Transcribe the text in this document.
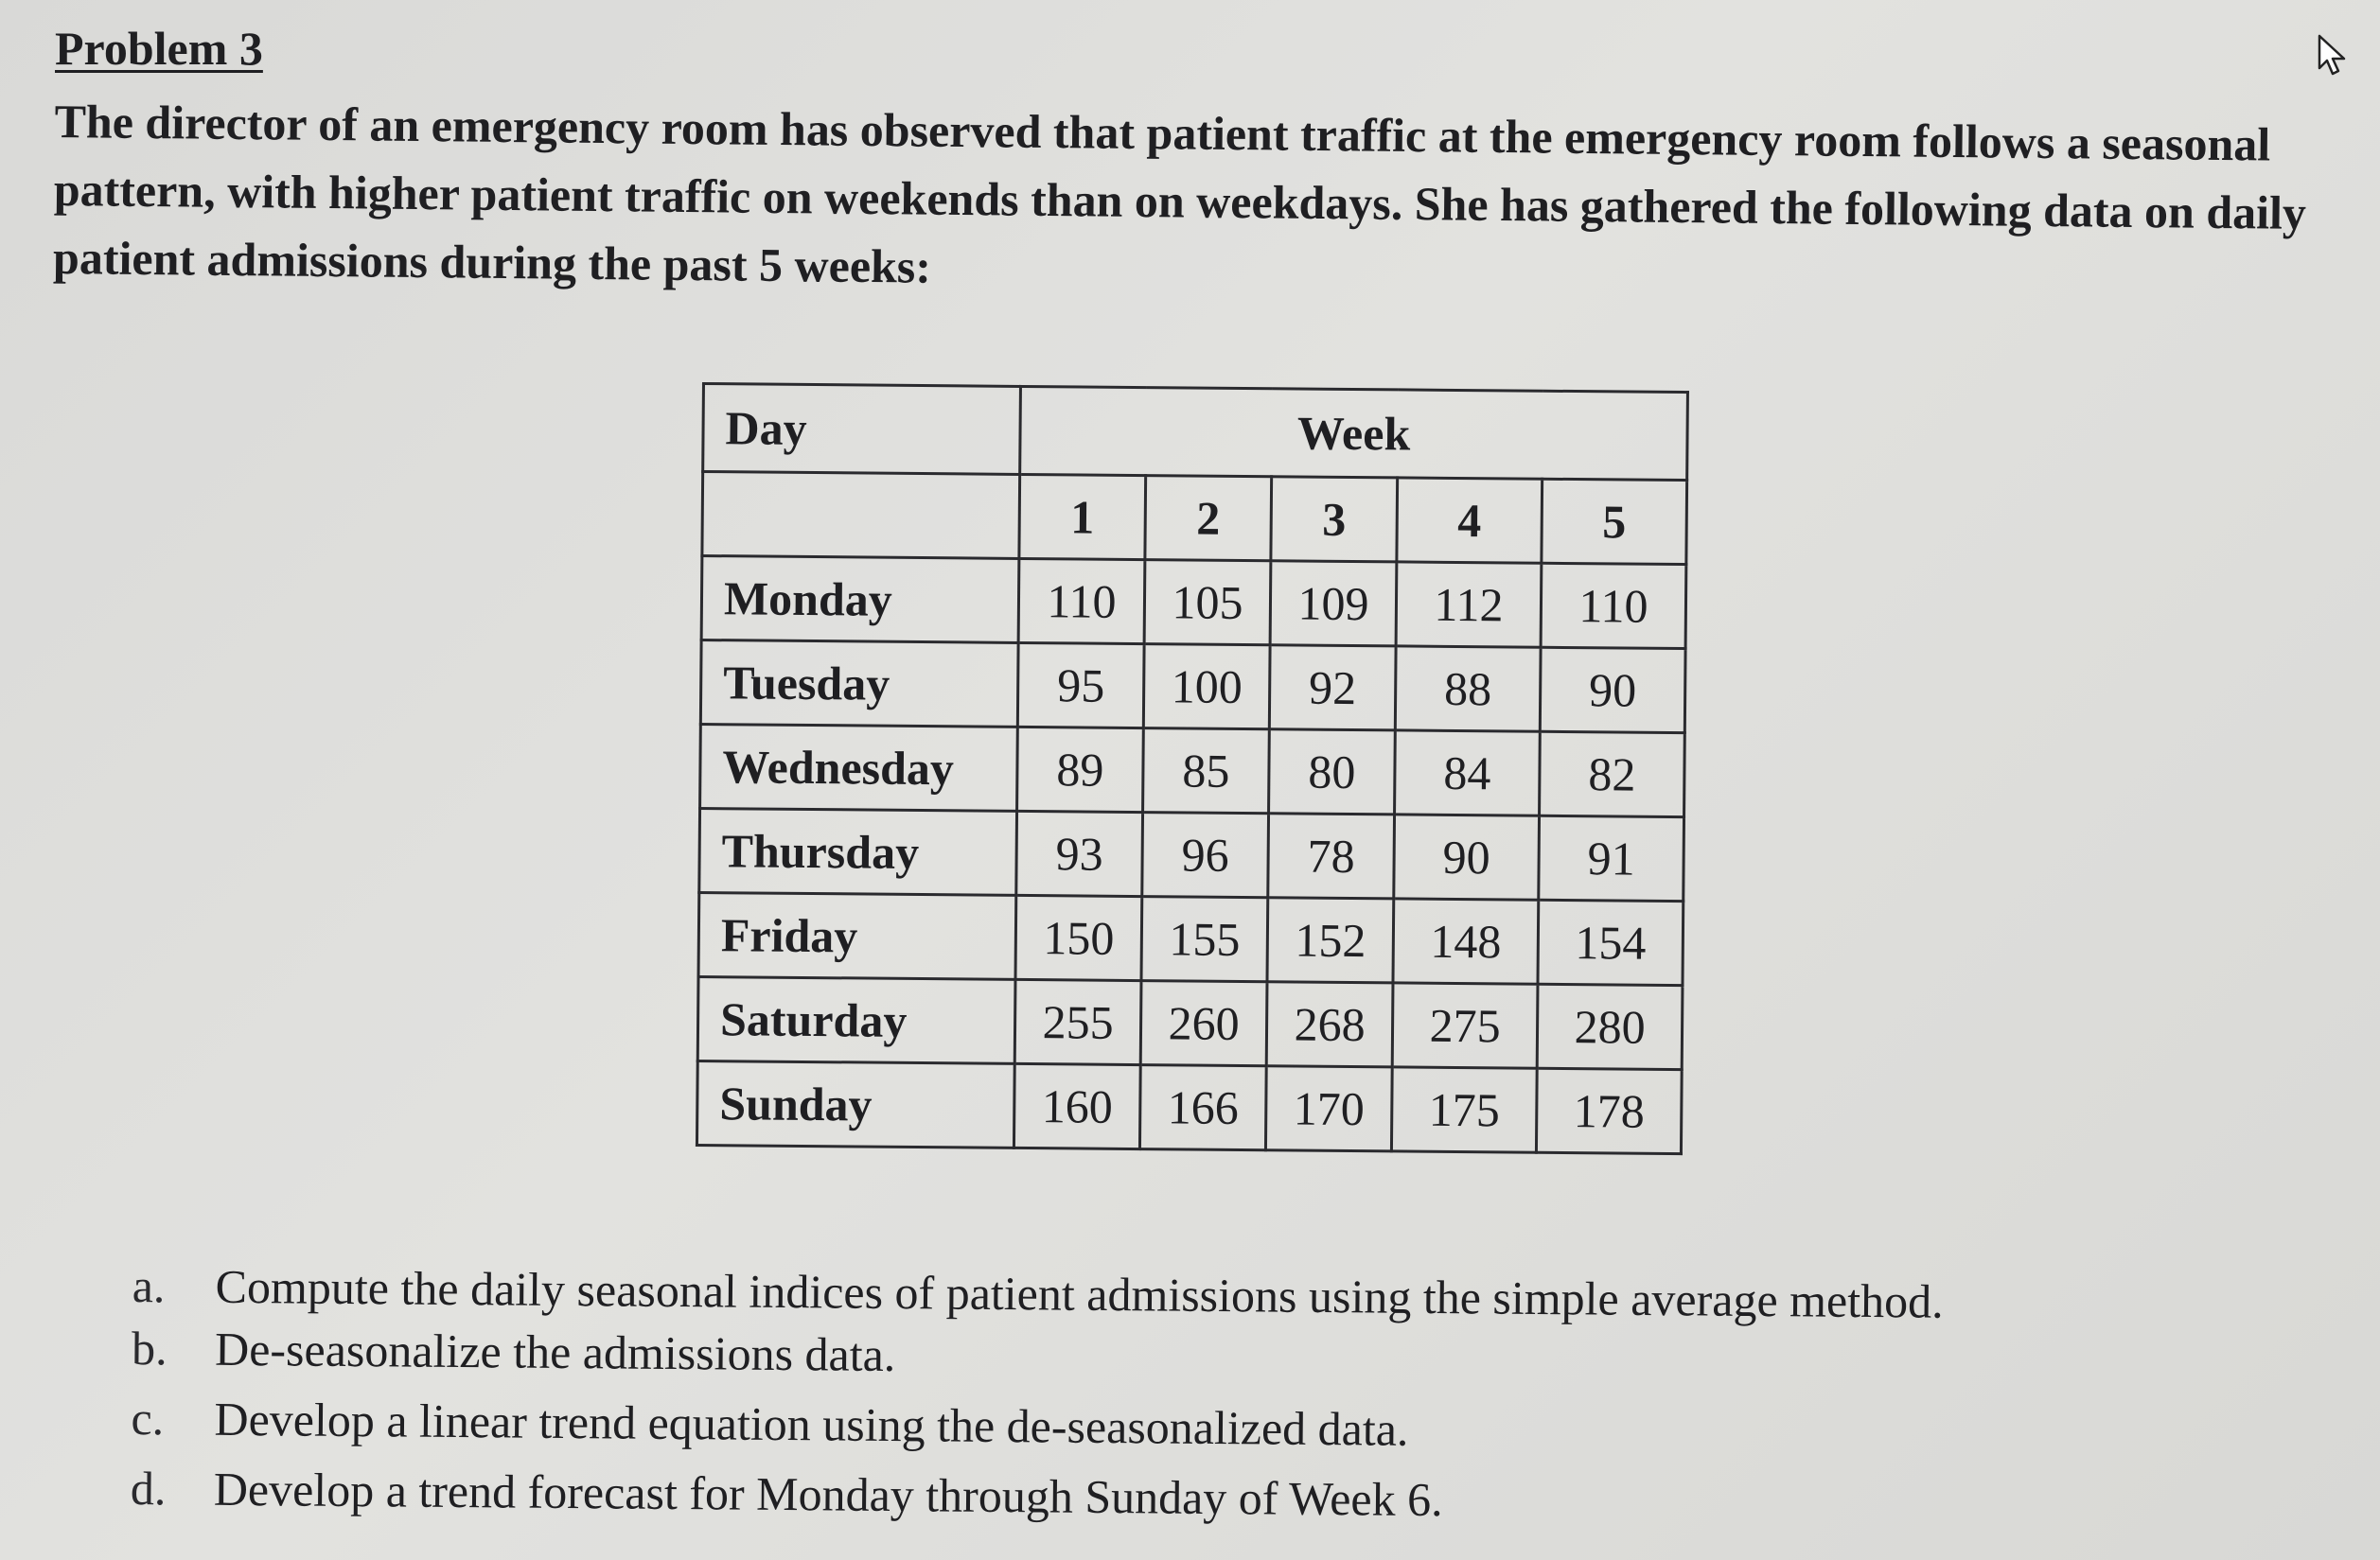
Problem 3

The director of an emergency room has observed that patient traffic at the emergency room follows a seasonal pattern, with higher patient traffic on weekends than on weekdays. She has gathered the following data on daily patient admissions during the past 5 weeks:

Day	Week				
	1	2	3	4	5
Monday	110	105	109	112	110
Tuesday	95	100	92	88	90
Wednesday	89	85	80	84	82
Thursday	93	96	78	90	91
Friday	150	155	152	148	154
Saturday	255	260	268	275	280
Sunday	160	166	170	175	178
a.	Compute the daily seasonal indices of patient admissions using the simple average method.
b.	De-seasonalize the admissions data.
c.	Develop a linear trend equation using the de-seasonalized data.
d.	Develop a trend forecast for Monday through Sunday of Week 6.
